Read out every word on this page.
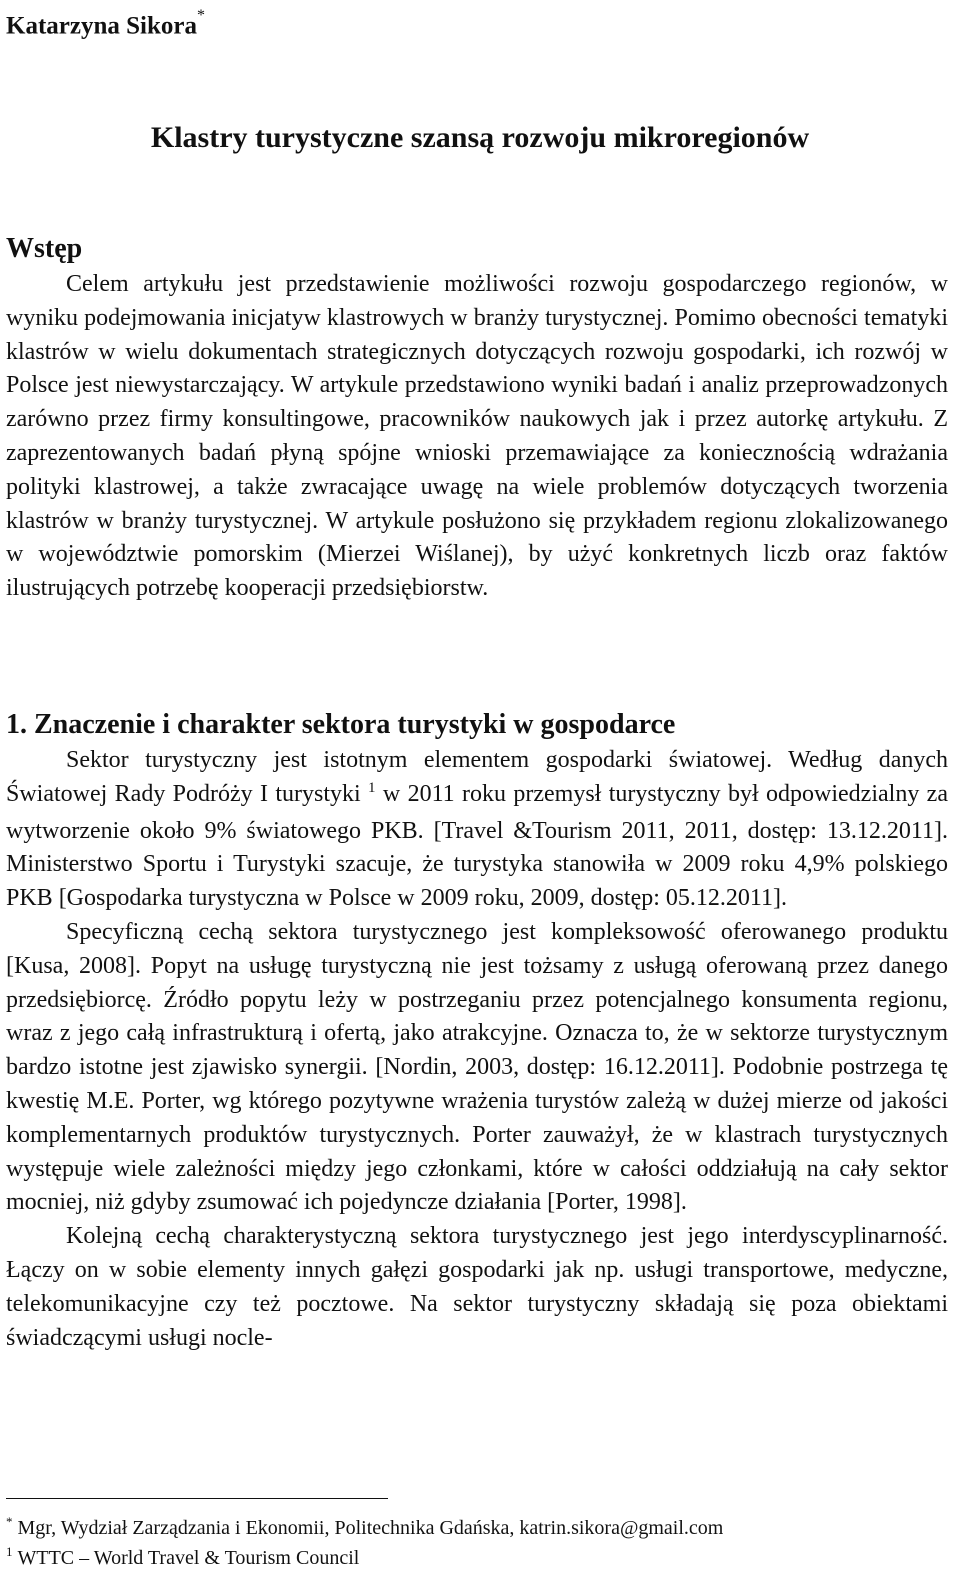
Katarzyna Sikora*
Klastry turystyczne szansą rozwoju mikroregionów
Wstęp

Celem artykułu jest przedstawienie możliwości rozwoju gospodarczego regionów, w wyniku podejmowania inicjatyw klastrowych w branży turystycznej. Pomimo obecności tematyki klastrów w wielu dokumentach strategicznych dotyczących rozwoju gospodarki, ich rozwój w Polsce jest niewystarczający. W artykule przedstawiono wyniki badań i analiz przeprowadzonych zarówno przez firmy konsultingowe, pracowników naukowych jak i przez autorkę artykułu. Z zaprezentowanych badań płyną spójne wnioski przemawiające za koniecznością wdrażania polityki klastrowej, a także zwracające uwagę na wiele problemów dotyczących tworzenia klastrów w branży turystycznej. W artykule posłużono się przykładem regionu zlokalizowanego w województwie pomorskim (Mierzei Wiślanej), by użyć konkretnych liczb oraz faktów ilustrujących potrzebę kooperacji przedsiębiorstw.

1. Znaczenie i charakter sektora turystyki w gospodarce

Sektor turystyczny jest istotnym elementem gospodarki światowej. Według danych Światowej Rady Podróży I turystyki $^1$ w 2011 roku przemysł turystyczny był odpowiedzialny za wytworzenie około 9% światowego PKB. [Travel &Tourism 2011, 2011, dostęp: 13.12.2011]. Ministerstwo Sportu i Turystyki szacuje, że turystyka stanowiła w 2009 roku 4,9% polskiego PKB [Gospodarka turystyczna w Polsce w 2009 roku, 2009, dostęp: 05.12.2011].

Specyficzną cechą sektora turystycznego jest kompleksowość oferowanego produktu [Kusa, 2008]. Popyt na usługę turystyczną nie jest tożsamy z usługą oferowaną przez danego przedsiębiorcę. Źródło popytu leży w postrzeganiu przez potencjalnego konsumenta regionu, wraz z jego całą infrastrukturą i ofertą, jako atrakcyjne. Oznacza to, że w sektorze turystycznym bardzo istotne jest zjawisko synergii. [Nordin, 2003, dostęp: 16.12.2011]. Podobnie postrzega tę kwestię M.E. Porter, wg którego pozytywne wrażenia turystów zależą w dużej mierze od jakości komplementarnych produktów turystycznych. Porter zauważył, że w klastrach turystycznych występuje wiele zależności między jego członkami, które w całości oddziałują na cały sektor mocniej, niż gdyby zsumować ich pojedyncze działania [Porter, 1998].

Kolejną cechą charakterystyczną sektora turystycznego jest jego interdyscyplinarność. Łączy on w sobie elementy innych gałęzi gospodarki jak np. usługi transportowe, medyczne, telekomunikacyjne czy też pocztowe. Na sektor turystyczny składają się poza obiektami świadczącymi usługi nocle-

* Mgr, Wydział Zarządzania i Ekonomii, Politechnika Gdańska, katrin.sikora@gmail.com
$^1$ WTTC – World Travel & Tourism Council
